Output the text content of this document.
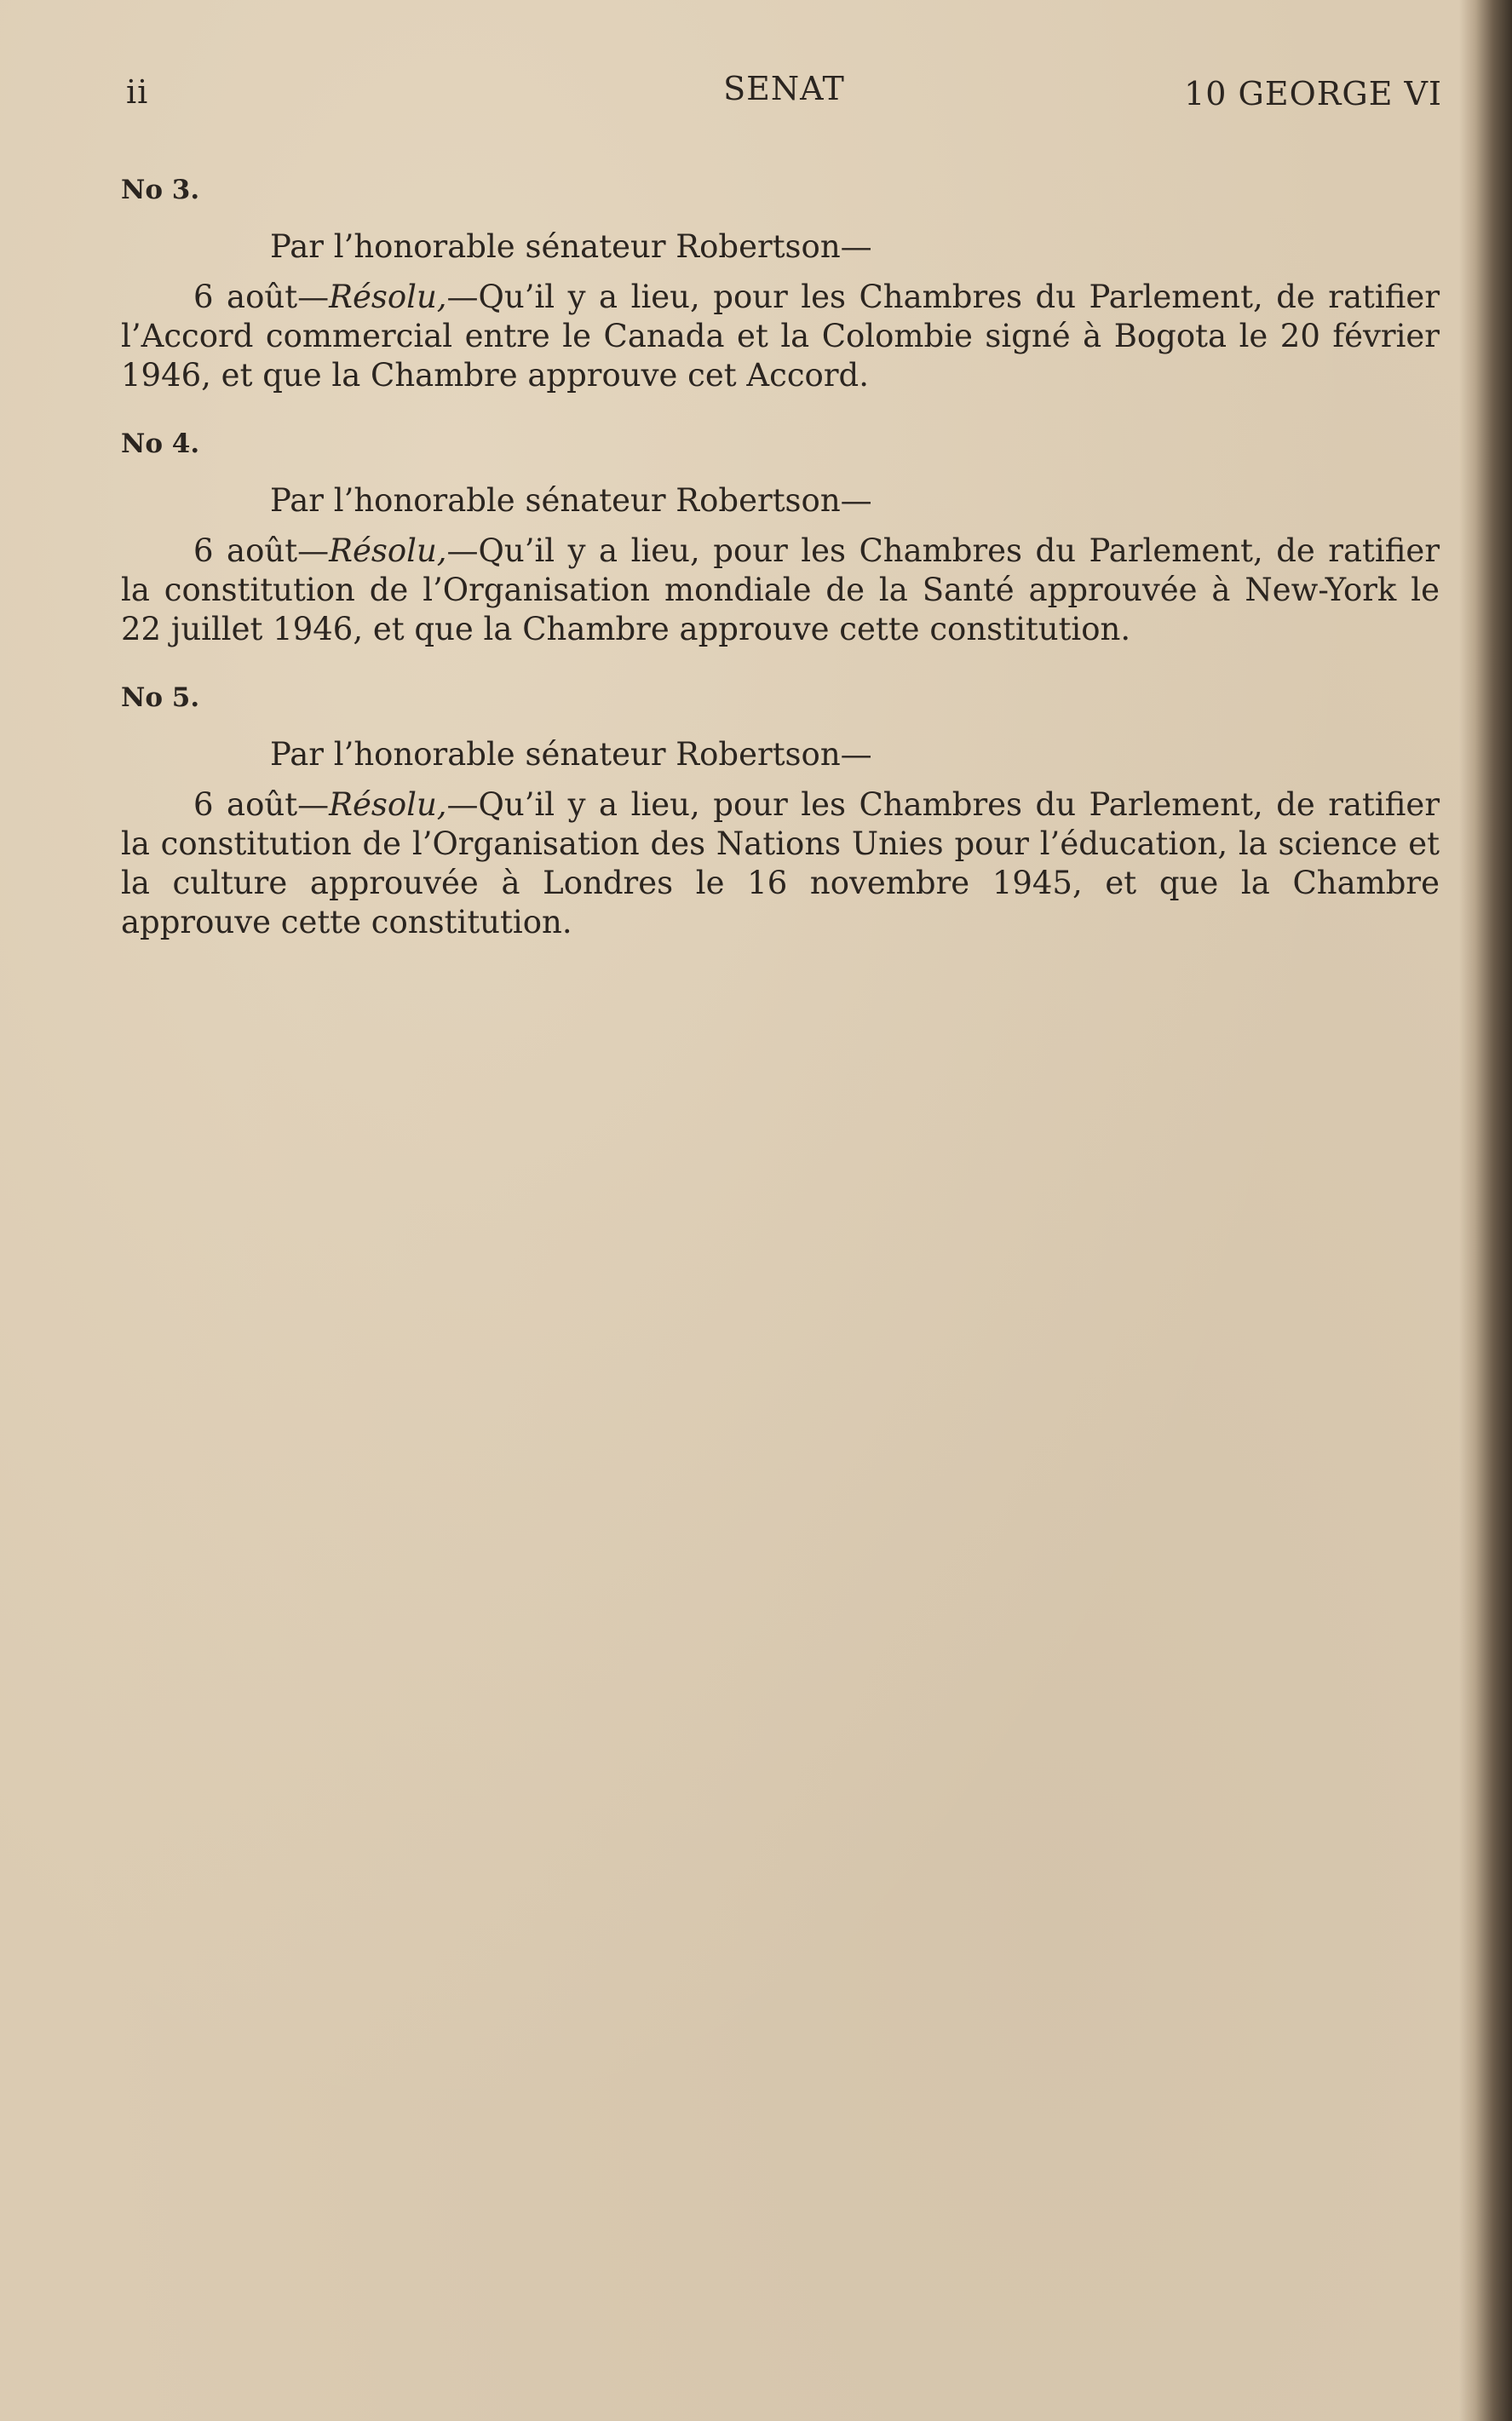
ii	SENAT	10 GEORGE VI
No 3.
Par l’honorable sénateur Robertson—
6 août—Résolu,—Qu’il y a lieu, pour les Chambres du Parlement, de ratifier l’Accord commercial entre le Canada et la Colombie signé à Bogota le 20 février 1946, et que la Chambre approuve cet Accord.
No 4.
Par l’honorable sénateur Robertson—
6 août—Résolu,—Qu’il y a lieu, pour les Chambres du Parlement, de ratifier la constitution de l’Organisation mondiale de la Santé approuvée à New-York le 22 juillet 1946, et que la Chambre approuve cette constitution.
No 5.
Par l’honorable sénateur Robertson—
6 août—Résolu,—Qu’il y a lieu, pour les Chambres du Parlement, de ratifier la constitution de l’Organisation des Nations Unies pour l’éducation, la science et la culture approuvée à Londres le 16 novembre 1945, et que la Chambre approuve cette constitution.
